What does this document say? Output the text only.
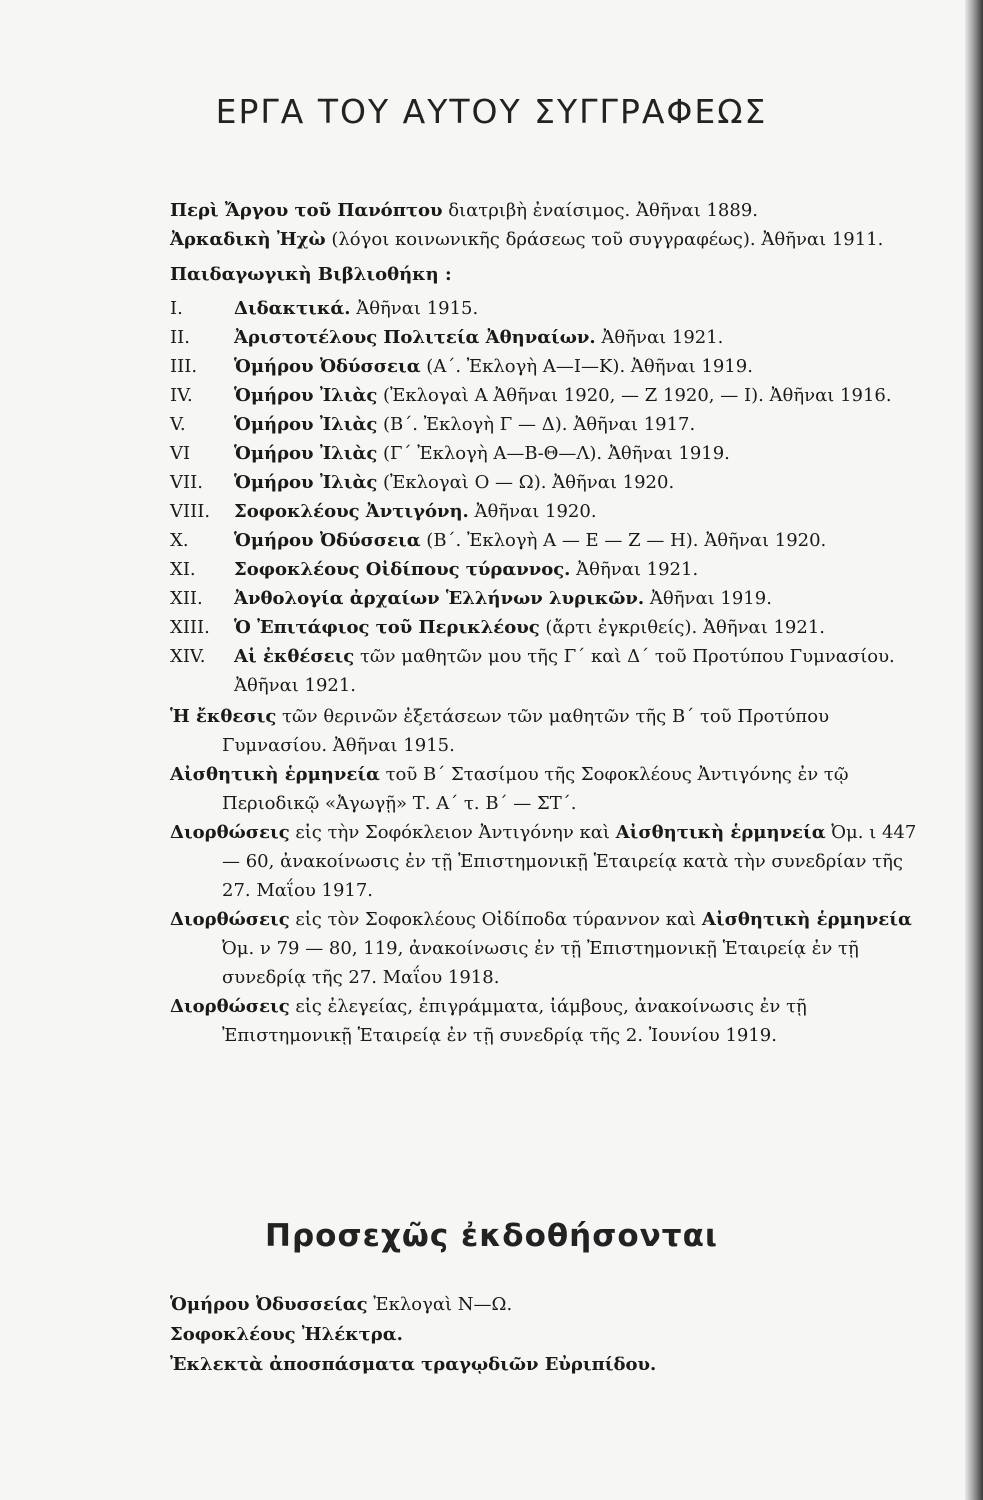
ΕΡΓΑ ΤΟΥ ΑΥΤΟΥ ΣΥΓΓΡΑΦΕΩΣ

Περὶ Ἄργου τοῦ Πανόπτου διατριβὴ ἐναίσιμος. Ἀθῆναι 1889.

Ἀρκαδικὴ Ἠχὼ (λόγοι κοινωνικῆς δράσεως τοῦ συγγραφέως). Ἀθῆναι 1911.

Παιδαγωγικὴ Βιβλιοθήκη :

I.	Διδακτικά. Ἀθῆναι 1915.
II.	Ἀριστοτέλους Πολιτεία Ἀθηναίων. Ἀθῆναι 1921.
III.	Ὁμήρου Ὀδύσσεια (Α΄. Ἐκλογὴ Α—Ι—Κ). Ἀθῆναι 1919.
IV.	Ὁμήρου Ἰλιὰς (Ἐκλογαὶ Α Ἀθῆναι 1920, — Ζ 1920, — Ι). Ἀθῆναι 1916.
V.	Ὁμήρου Ἰλιὰς (Β΄. Ἐκλογὴ Γ — Δ). Ἀθῆναι 1917.
VI	Ὁμήρου Ἰλιὰς (Γ΄ Ἐκλογὴ Α—Β-Θ—Λ). Ἀθῆναι 1919.
VII.	Ὁμήρου Ἰλιὰς (Ἐκλογαὶ Ο — Ω). Ἀθῆναι 1920.
VIII.	Σοφοκλέους Ἀντιγόνη. Ἀθῆναι 1920.
X.	Ὁμήρου Ὀδύσσεια (Β΄. Ἐκλογὴ Α — Ε — Ζ — Η). Ἀθῆναι 1920.
XI.	Σοφοκλέους Οἰδίπους τύραννος. Ἀθῆναι 1921.
XII.	Ἀνθολογία ἀρχαίων Ἑλλήνων λυρικῶν. Ἀθῆναι 1919.
XIII.	Ὁ Ἐπιτάφιος τοῦ Περικλέους (ἄρτι ἐγκριθείς). Ἀθῆναι 1921.
XIV.	Αἱ ἐκθέσεις τῶν μαθητῶν μου τῆς Γ΄ καὶ Δ΄ τοῦ Προτύπου Γυμνασίου. Ἀθῆναι 1921.

Ἡ ἔκθεσις τῶν θερινῶν ἐξετάσεων τῶν μαθητῶν τῆς Β΄ τοῦ Προτύπου Γυμνασίου. Ἀθῆναι 1915.

Αἰσθητικὴ ἑρμηνεία τοῦ Β΄ Στασίμου τῆς Σοφοκλέους Ἀντιγόνης ἐν τῷ Περιοδικῷ «Ἀγωγῇ» Τ. Α΄ τ. Β΄ — ΣΤ΄.

Διορθώσεις εἰς τὴν Σοφόκλειον Ἀντιγόνην καὶ Αἰσθητικὴ ἑρμηνεία Ὀμ. ι 447 — 60, ἀνακοίνωσις ἐν τῇ Ἐπιστημονικῇ Ἑταιρείᾳ κατὰ τὴν συνεδρίαν τῆς 27. Μαΐου 1917.

Διορθώσεις εἰς τὸν Σοφοκλέους Οἰδίποδα τύραννον καὶ Αἰσθητικὴ ἑρμηνεία Ὀμ. ν 79 — 80, 119, ἀνακοίνωσις ἐν τῇ Ἐπιστημονικῇ Ἑταιρείᾳ ἐν τῇ συνεδρίᾳ τῆς 27. Μαΐου 1918.

Διορθώσεις εἰς ἐλεγείας, ἐπιγράμματα, ἰάμβους, ἀνακοίνωσις ἐν τῇ Ἐπιστημονικῇ Ἑταιρείᾳ ἐν τῇ συνεδρίᾳ τῆς 2. Ἰουνίου 1919.

Προσεχῶς ἐκδοθήσονται

Ὁμήρου Ὀδυσσείας Ἐκλογαὶ Ν—Ω.

Σοφοκλέους Ἠλέκτρα.

Ἐκλεκτὰ ἀποσπάσματα τραγῳδιῶν Εὐριπίδου.
